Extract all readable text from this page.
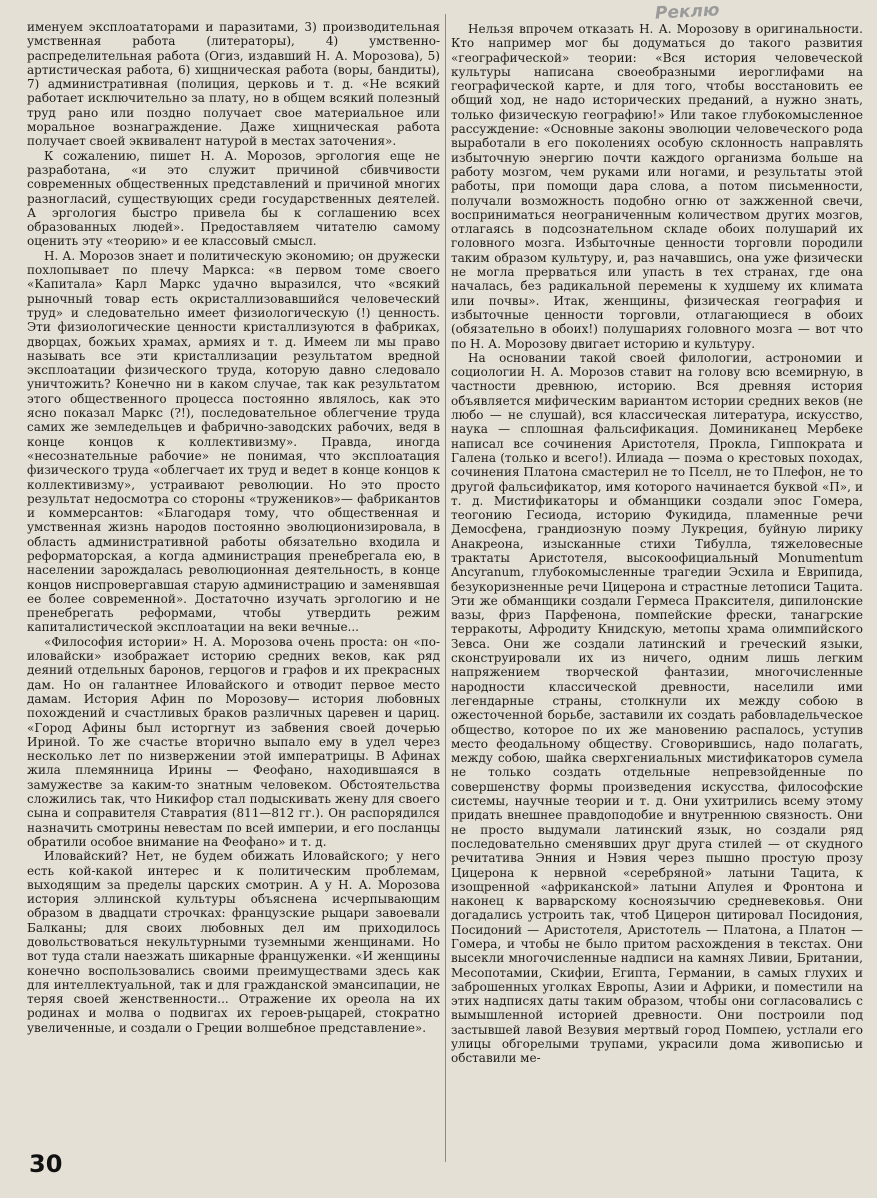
Реклю

именуем эксплоататорами и паразитами, 3) производительная умственная работа (литераторы), 4) умственно-распределительная работа (Огиз, издавший Н. А. Морозова), 5) артистическая работа, 6) хищническая работа (воры, бандиты), 7) административная (полиция, церковь и т. д. «Не всякий работает исключительно за плату, но в общем всякий полезный труд рано или поздно получает свое материальное или моральное вознаграждение. Даже хищническая работа получает своей эквивалент натурой в местах заточения».

К сожалению, пишет Н. А. Морозов, эргология еще не разработана, «и это служит причиной сбивчивости современных общественных представлений и причиной многих разногласий, существующих среди государственных деятелей. А эргология быстро привела бы к соглашению всех образованных людей». Предоставляем читателю самому оценить эту «теорию» и ее классовый смысл.

Н. А. Морозов знает и политическую экономию; он дружески похлопывает по плечу Маркса: «в первом томе своего «Капитала» Карл Маркс удачно выразился, что «всякий рыночный товар есть окристаллизовавшийся человеческий труд» и следовательно имеет физиологическую (!) ценность. Эти физиологические ценности кристаллизуются в фабриках, дворцах, божьих храмах, армиях и т. д. Имеем ли мы право называть все эти кристаллизации результатом вредной эксплоатации физического труда, которую давно следовало уничтожить? Конечно ни в каком случае, так как результатом этого общественного процесса постоянно являлось, как это ясно показал Маркс (?!), последовательное облегчение труда самих же земледельцев и фабрично-заводских рабочих, ведя в конце концов к коллективизму». Правда, иногда «несознательные рабочие» не понимая, что эксплоатация физического труда «облегчает их труд и ведет в конце концов к коллективизму», устраивают революции. Но это просто результат недосмотра со стороны «тружеников»— фабрикантов и коммерсантов: «Благодаря тому, что общественная и умственная жизнь народов постоянно эволюционизировала, в область административной работы обязательно входила и реформаторская, а когда администрация пренебрегала ею, в населении зарождалась революционная деятельность, в конце концов ниспровергавшая старую администрацию и заменявшая ее более современной». Достаточно изучать эргологию и не пренебрегать реформами, чтобы утвердить режим капиталистической эксплоатации на веки вечные...

«Философия истории» Н. А. Морозова очень проста: он «по-иловайски» изображает историю средних веков, как ряд деяний отдельных баронов, герцогов и графов и их прекрасных дам. Но он галантнее Иловайского и отводит первое место дамам. История Афин по Морозову— история любовных похождений и счастливых браков различных царевен и цариц. «Город Афины был исторгнут из забвения своей дочерью Ириной. То же счастье вторично выпало ему в удел через несколько лет по низвержении этой императрицы. В Афинах жила племянница Ирины — Феофано, находившаяся в замужестве за каким-то знатным человеком. Обстоятельства сложились так, что Никифор стал подыскивать жену для своего сына и соправителя Ставратия (811—812 гг.). Он распорядился назначить смотрины невестам по всей империи, и его посланцы обратили особое внимание на Феофано» и т. д.

Иловайский? Нет, не будем обижать Иловайского; у него есть кой-какой интерес и к политическим проблемам, выходящим за пределы царских смотрин. А у Н. А. Морозова история эллинской культуры объяснена исчерпывающим образом в двадцати строчках: французские рыцари завоевали Балканы; для своих любовных дел им приходилось довольствоваться некультурными туземными женщинами. Но вот туда стали наезжать шикарные француженки. «И женщины конечно воспользовались своими преимуществами здесь как для интеллектуальной, так и для гражданской эмансипации, не теряя своей женственности... Отражение их ореола на их родинах и молва о подвигах их героев-рыцарей, стократно увеличенные, и создали о Греции волшебное представление».

Нельзя впрочем отказать Н. А. Морозову в оригинальности. Кто например мог бы додуматься до такого развития «географической» теории: «Вся история человеческой культуры написана своеобразными иероглифами на географической карте, и для того, чтобы восстановить ее общий ход, не надо исторических преданий, а нужно знать, только физическую географию!» Или такое глубокомысленное рассуждение: «Основные законы эволюции человеческого рода выработали в его поколениях особую склонность направлять избыточную энергию почти каждого организма больше на работу мозгом, чем руками или ногами, и результаты этой работы, при помощи дара слова, а потом письменности, получали возможность подобно огню от зажженной свечи, восприниматься неограниченным количеством других мозгов, отлагаясь в подсознательном складе обоих полушарий их головного мозга. Избыточные ценности торговли породили таким образом культуру, и, раз начавшись, она уже физически не могла прерваться или упасть в тех странах, где она началась, без радикальной перемены к худшему их климата или почвы». Итак, женщины, физическая география и избыточные ценности торговли, отлагающиеся в обоих (обязательно в обоих!) полушариях головного мозга — вот что по Н. А. Морозову двигает историю и культуру.

На основании такой своей филологии, астрономии и социологии Н. А. Морозов ставит на голову всю всемирную, в частности древнюю, историю. Вся древняя история объявляется мифическим вариантом истории средних веков (не любо — не слушай), вся классическая литература, искусство, наука — сплошная фальсификация. Доминиканец Мербеке написал все сочинения Аристотеля, Прокла, Гиппократа и Галена (только и всего!). Илиада — поэма о крестовых походах, сочинения Платона смастерил не то Пселл, не то Плефон, не то другой фальсификатор, имя которого начинается буквой «П», и т. д. Мистификаторы и обманщики создали эпос Гомера, теогонию Гесиода, историю Фукидида, пламенные речи Демосфена, грандиозную поэму Лукреция, буйную лирику Анакреона, изысканные стихи Тибулла, тяжеловесные трактаты Аристотеля, высокоофициальный Monumentum Ancyranum, глубокомысленные трагедии Эсхила и Еврипида, безукоризненные речи Цицерона и страстные летописи Тацита. Эти же обманщики создали Гермеса Праксителя, дипилонские вазы, фриз Парфенона, помпейские фрески, танагрские терракоты, Афродиту Книдскую, метопы храма олимпийского Зевса. Они же создали латинский и греческий языки, сконструировали их из ничего, одним лишь легким напряжением творческой фантазии, многочисленные народности классической древности, населили ими легендарные страны, столкнули их между собою в ожесточенной борьбе, заставили их создать рабовладельческое общество, которое по их же мановению распалось, уступив место феодальному обществу. Сговорившись, надо полагать, между собою, шайка сверхгениальных мистификаторов сумела не только создать отдельные непревзойденные по совершенству формы произведения искусства, философские системы, научные теории и т. д. Они ухитрились всему этому придать внешнее правдоподобие и внутреннюю связность. Они не просто выдумали латинский язык, но создали ряд последовательно сменявших друг друга стилей — от скудного речитатива Энния и Нэвия через пышно простую прозу Цицерона к нервной «серебряной» латыни Тацита, к изощренной «африканской» латыни Апулея и Фронтона и наконец к варварскому косноязычию средневековья. Они догадались устроить так, чтоб Цицерон цитировал Посидония, Посидоний — Аристотеля, Аристотель — Платона, а Платон — Гомера, и чтобы не было притом расхождения в текстах. Они высекли многочисленные надписи на камнях Ливии, Британии, Месопотамии, Скифии, Египта, Германии, в самых глухих и заброшенных уголках Европы, Азии и Африки, и поместили на этих надписях даты таким образом, чтобы они согласовались с вымышленной историей древности. Они построили под застывшей лавой Везувия мертвый город Помпею, устлали его улицы обгорелыми трупами, украсили дома живописью и обставили ме-

30
